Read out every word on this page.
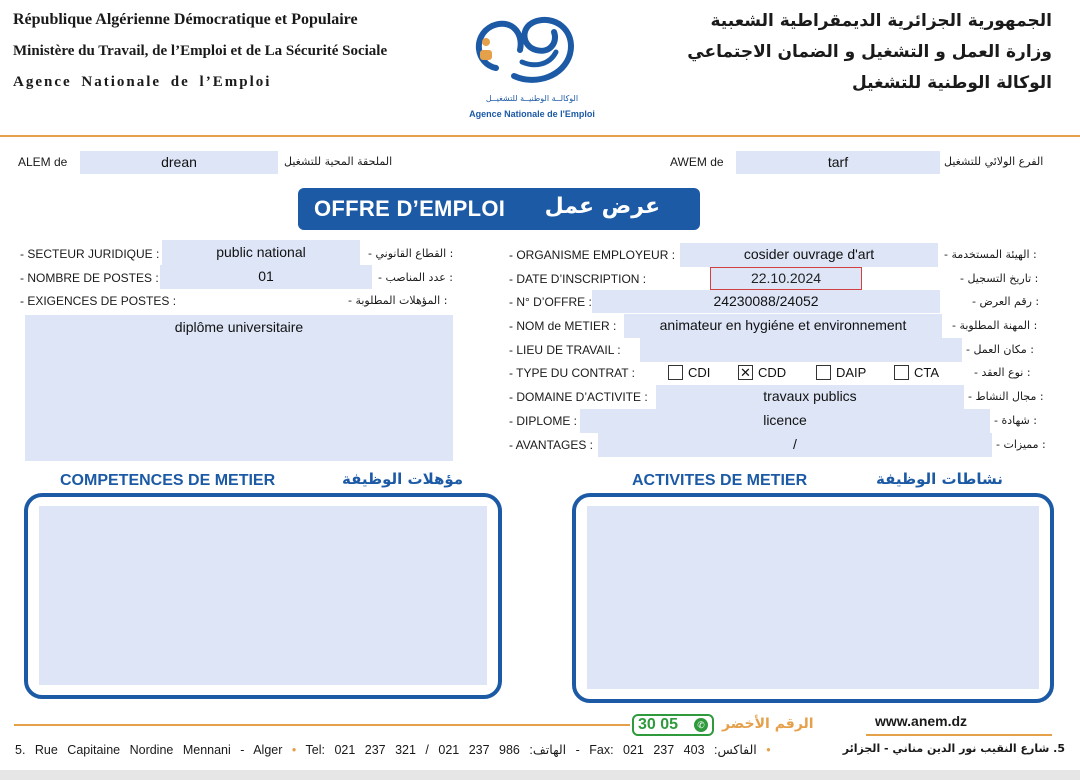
République Algérienne Démocratique et Populaire
Ministère du Travail, de l’Emploi et de La Sécurité Sociale
Agence Nationale de l’Emploi
الوكالــة الوطنيــة للتشغيــل
Agence Nationale de l'Emploi
الجمهورية الجزائرية الديمقراطية الشعبية
وزارة العمل و التشغيل و الضمان الاجتماعي
الوكالة الوطنية للتشغيل
ALEM de	drean	الملحقة المحية للتشغيل	AWEM de	tarf	الفرع الولائي للتشغيل
OFFRE D’EMPLOI عرض عمل
- SECTEUR JURIDIQUE :	public national	: القطاع القانوني -
- NOMBRE DE POSTES :	01	: عدد المناصب -
- EXIGENCES DE POSTES :	: المؤهلات المطلوبة -
diplôme universitaire
- ORGANISME EMPLOYEUR :	cosider ouvrage d'art	: الهيئة المستخدمة -
- DATE D’INSCRIPTION :	22.10.2024	: تاريخ التسجيل -
- N° D’OFFRE :	24230088/24052	: رقم العرض -
- NOM de METIER :	animateur en hygiéne et environnement	: المهنة المطلوبة -
- LIEU DE TRAVAIL :	: مكان العمل -
- TYPE DU CONTRAT :	CDI ✕ CDD	DAIP	CTA	: نوع العقد -
- DOMAINE D’ACTIVITE :	travaux publics	: مجال النشاط -
- DIPLOME :	licence	: شهادة -
- AVANTAGES :	/	: مميزات -
COMPETENCES DE METIER	مؤهلات الوظيفة	ACTIVITES DE METIER	نشاطات الوظيفة
30 05	✆ الرقم الأخضر	www.anem.dz
5. Rue Capitaine Nordine Mennani - Alger • Tel: 021 237 321 / 021 237 986 :الهاتف - Fax: 021 237 403 :الفاكس •	5. شارع النقيب نور الدين مناني - الجزائر
